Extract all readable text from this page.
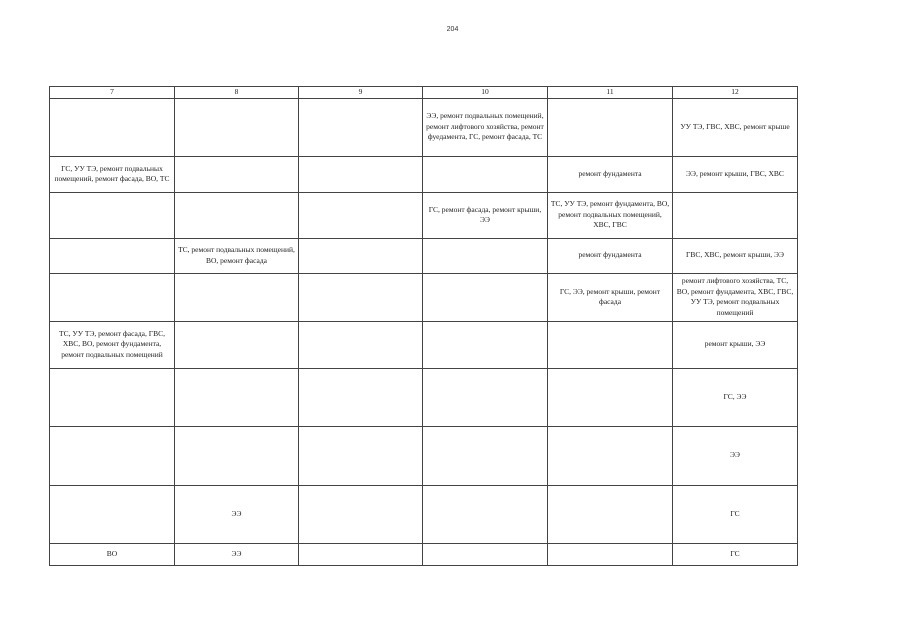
204
7	8	9	10	11	12
			ЭЭ, ремонт подвальных помещений, ремонт лифтового хозяйства, ремонт фуедамента, ГС, ремонт фасада, ТС		УУ ТЭ, ГВС, ХВС, ремонт крыше
ГС, УУ ТЭ, ремонт подвальных помещений, ремонт фасада, ВО, ТС				ремонт фундамента	ЭЭ, ремонт крыши, ГВС, ХВС
			ГС, ремонт фасада, ремонт крыши, ЭЭ	ТС, УУ ТЭ, ремонт фундамента, ВО, ремонт подвальных помещений, ХВС, ГВС	
	ТС, ремонт подвальных помещений, ВО, ремонт фасада			ремонт фундамента	ГВС, ХВС, ремонт крыши, ЭЭ
				ГС, ЭЭ, ремонт крыши, ремонт фасада	ремонт лифтового хозяйства, ТС, ВО, ремонт фундамента, ХВС, ГВС, УУ ТЭ, ремонт подвальных помещений
ТС, УУ ТЭ, ремонт фасада, ГВС, ХВС, ВО, ремонт фундамента, ремонт подвальных помещений					ремонт крыши, ЭЭ
					ГС, ЭЭ
					ЭЭ
	ЭЭ				ГС
ВО	ЭЭ				ГС
